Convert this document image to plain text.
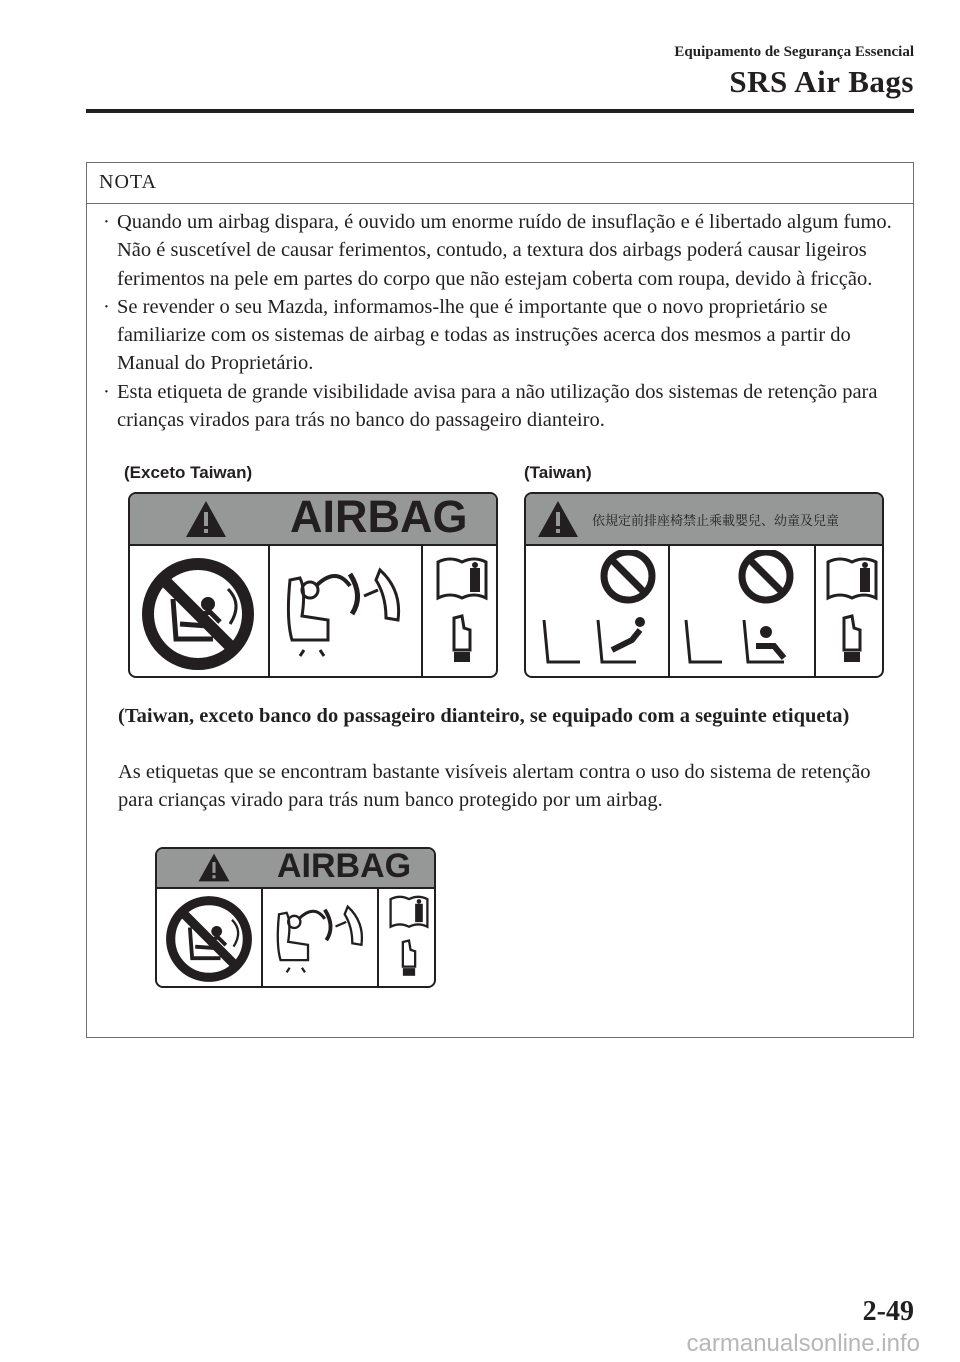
Equipamento de Segurança Essencial
SRS Air Bags
NOTA
· Quando um airbag dispara, é ouvido um enorme ruído de insuflação e é libertado algum fumo. Não é suscetível de causar ferimentos, contudo, a textura dos airbags poderá causar ligeiros ferimentos na pele em partes do corpo que não estejam coberta com roupa, devido à fricção.
· Se revender o seu Mazda, informamos-lhe que é importante que o novo proprietário se familiarize com os sistemas de airbag e todas as instruções acerca dos mesmos a partir do Manual do Proprietário.
· Esta etiqueta de grande visibilidade avisa para a não utilização dos sistemas de retenção para crianças virados para trás no banco do passageiro dianteiro.
(Exceto Taiwan)	(Taiwan)
AIRBAG	依規定前排座椅禁止乘載嬰兒、幼童及兒童
(Taiwan, exceto banco do passageiro dianteiro, se equipado com a seguinte etiqueta)
As etiquetas que se encontram bastante visíveis alertam contra o uso do sistema de retenção para crianças virado para trás num banco protegido por um airbag.
AIRBAG
2-49
carmanualsonline.info
